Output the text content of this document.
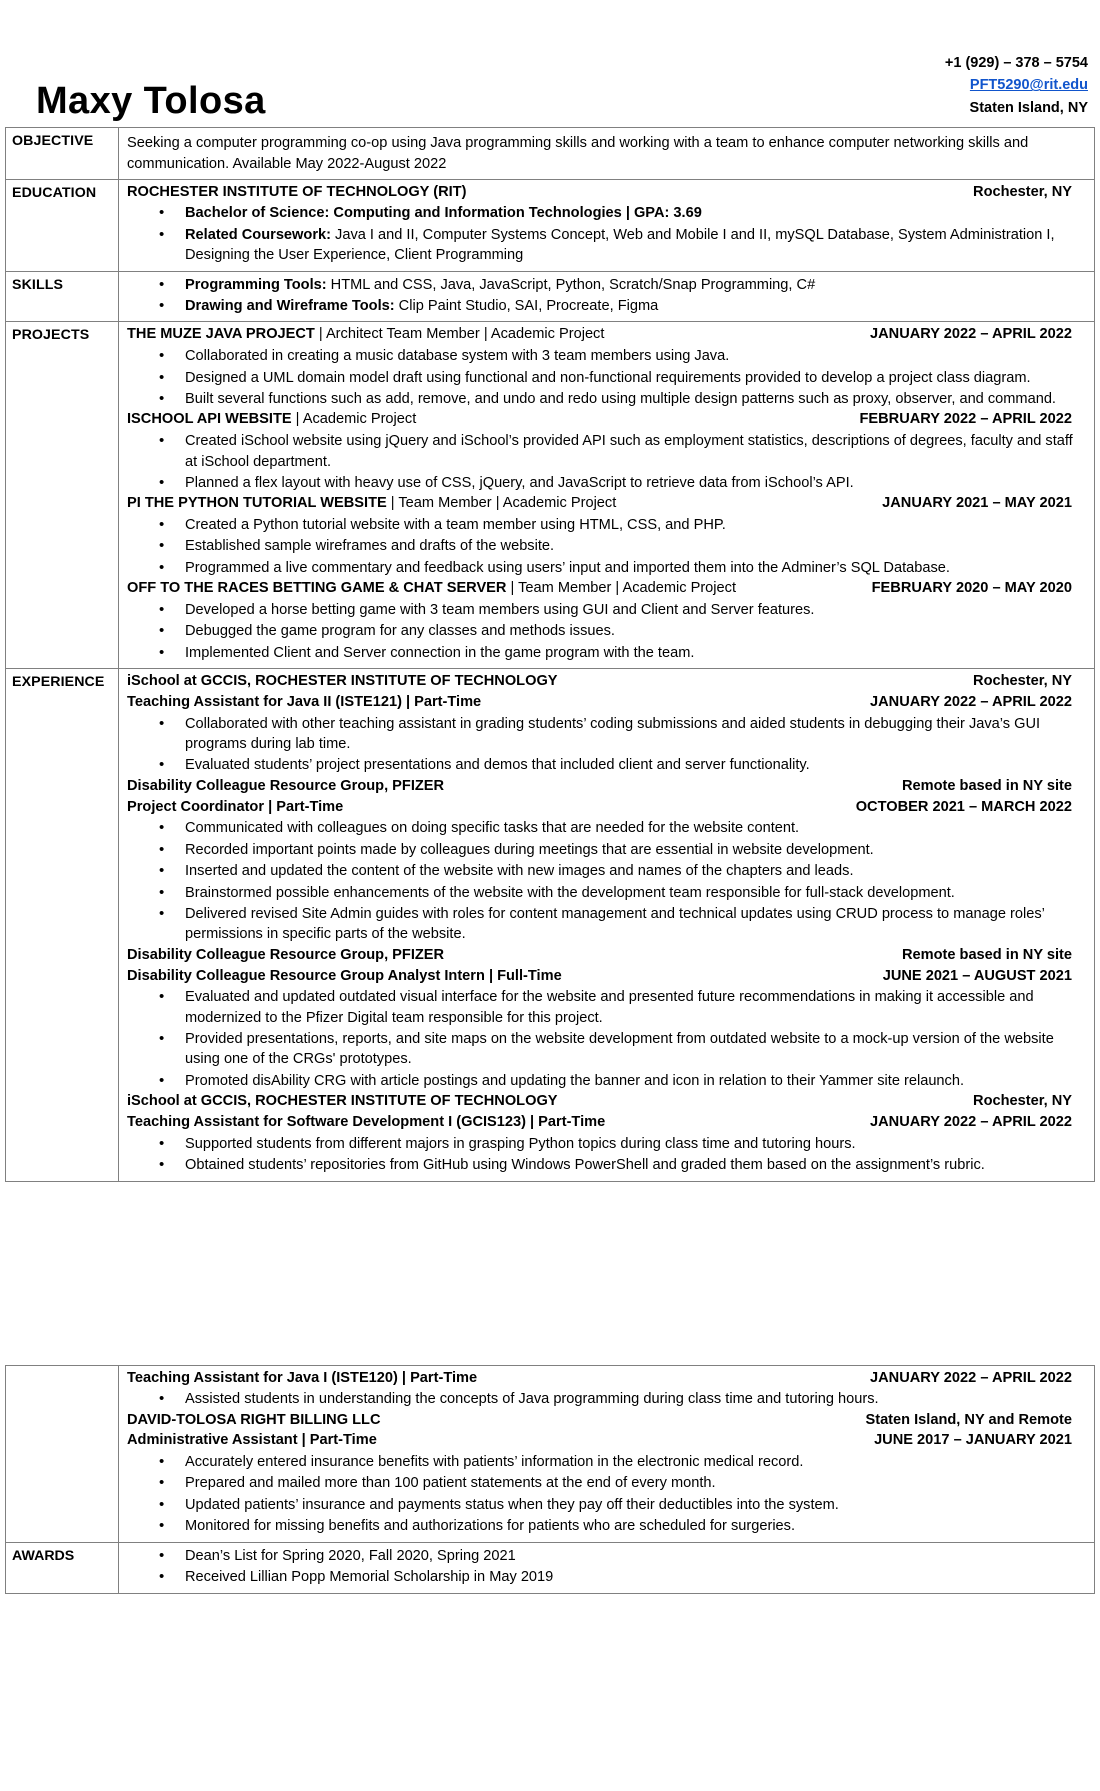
Maxy Tolosa
+1 (929) – 378 – 5754
PFT5290@rit.edu
Staten Island, NY
OBJECTIVE	Seeking a computer programming co-op using Java programming skills and working with a team to enhance computer networking skills and communication. Available May 2022-August 2022

EDUCATION	ROCHESTER INSTITUTE OF TECHNOLOGY (RIT)	Rochester, NY
• Bachelor of Science: Computing and Information Technologies | GPA: 3.69
• Related Coursework: Java I and II, Computer Systems Concept, Web and Mobile I and II, mySQL Database, System Administration I, Designing the User Experience, Client Programming

SKILLS	
•Programming Tools: HTML and CSS, Java, JavaScript, Python, Scratch/Snap Programming, C#
• Drawing and Wireframe Tools: Clip Paint Studio, SAI, Procreate, Figma

PROJECTS	THE MUZE JAVA PROJECT | Architect Team Member | Academic Project	JANUARY 2022 – APRIL 2022
• Collaborated in creating a music database system with 3 team members using Java.
• Designed a UML domain model draft using functional and non-functional requirements provided to develop a project class diagram.
• Built several functions such as add, remove, and undo and redo using multiple design patterns such as proxy, observer, and command.
ISCHOOL API WEBSITE | Academic Project	FEBRUARY 2022 – APRIL 2022
• Created iSchool website using jQuery and iSchool’s provided API such as employment statistics, descriptions of degrees, faculty and staff at iSchool department.
• Planned a flex layout with heavy use of CSS, jQuery, and JavaScript to retrieve data from iSchool’s API.
PI THE PYTHON TUTORIAL WEBSITE | Team Member | Academic Project	JANUARY 2021 – MAY 2021
• Created a Python tutorial website with a team member using HTML, CSS, and PHP.
• Established sample wireframes and drafts of the website.
• Programmed a live commentary and feedback using users’ input and imported them into the Adminer’s SQL Database.
OFF TO THE RACES BETTING GAME & CHAT SERVER | Team Member | Academic Project	FEBRUARY 2020 – MAY 2020
• Developed a horse betting game with 3 team members using GUI and Client and Server features.
• Debugged the game program for any classes and methods issues.
• Implemented Client and Server connection in the game program with the team.

EXPERIENCE	iSchool at GCCIS, ROCHESTER INSTITUTE OF TECHNOLOGY	Rochester, NY
Teaching Assistant for Java II (ISTE121) | Part-Time	JANUARY 2022 – APRIL 2022
• Collaborated with other teaching assistant in grading students’ coding submissions and aided students in debugging their Java’s GUI programs during lab time.
• Evaluated students’ project presentations and demos that included client and server functionality.
Disability Colleague Resource Group, PFIZER	Remote based in NY site
Project Coordinator | Part-Time	OCTOBER 2021 – MARCH 2022
• Communicated with colleagues on doing specific tasks that are needed for the website content.
• Recorded important points made by colleagues during meetings that are essential in website development.
• Inserted and updated the content of the website with new images and names of the chapters and leads.
• Brainstormed possible enhancements of the website with the development team responsible for full-stack development.
• Delivered revised Site Admin guides with roles for content management and technical updates using CRUD process to manage roles’ permissions in specific parts of the website.
Disability Colleague Resource Group, PFIZER	Remote based in NY site
Disability Colleague Resource Group Analyst Intern | Full-Time	JUNE 2021 – AUGUST 2021
• Evaluated and updated outdated visual interface for the website and presented future recommendations in making it accessible and modernized to the Pfizer Digital team responsible for this project.
• Provided presentations, reports, and site maps on the website development from outdated website to a mock-up version of the website using one of the CRGs' prototypes.
• Promoted disAbility CRG with article postings and updating the banner and icon in relation to their Yammer site relaunch.
iSchool at GCCIS, ROCHESTER INSTITUTE OF TECHNOLOGY	Rochester, NY
Teaching Assistant for Software Development I (GCIS123) | Part-Time	JANUARY 2022 – APRIL 2022
• Supported students from different majors in grasping Python topics during class time and tutoring hours.
• Obtained students’ repositories from GitHub using Windows PowerShell and graded them based on the assignment’s rubric.

Teaching Assistant for Java I (ISTE120) | Part-Time	JANUARY 2022 – APRIL 2022
• Assisted students in understanding the concepts of Java programming during class time and tutoring hours.
DAVID-TOLOSA RIGHT BILLING LLC	Staten Island, NY and Remote
Administrative Assistant | Part-Time	JUNE 2017 – JANUARY 2021
• Accurately entered insurance benefits with patients’ information in the electronic medical record.
• Prepared and mailed more than 100 patient statements at the end of every month.
• Updated patients’ insurance and payments status when they pay off their deductibles into the system.
• Monitored for missing benefits and authorizations for patients who are scheduled for surgeries.

AWARDS	
•Dean’s List for Spring 2020, Fall 2020, Spring 2021
• Received Lillian Popp Memorial Scholarship in May 2019
